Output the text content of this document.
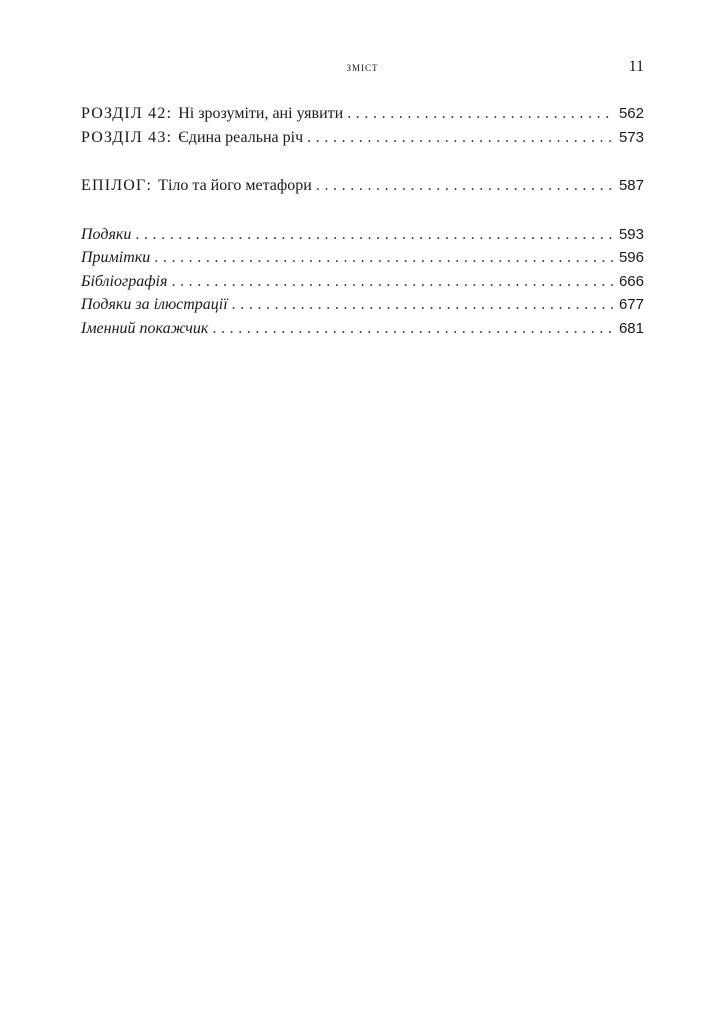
зміст	11
РОЗДІЛ 42: Ні зрозуміти, ані уявити .....	562
РОЗДІЛ 43: Єдина реальна річ .....	573
ЕПІЛОГ: Тіло та його метафори .....	587
Подяки .....	593
Примітки .....	596
Бібліографія .....	666
Подяки за ілюстрації .....	677
Іменний покажчик .....	681
